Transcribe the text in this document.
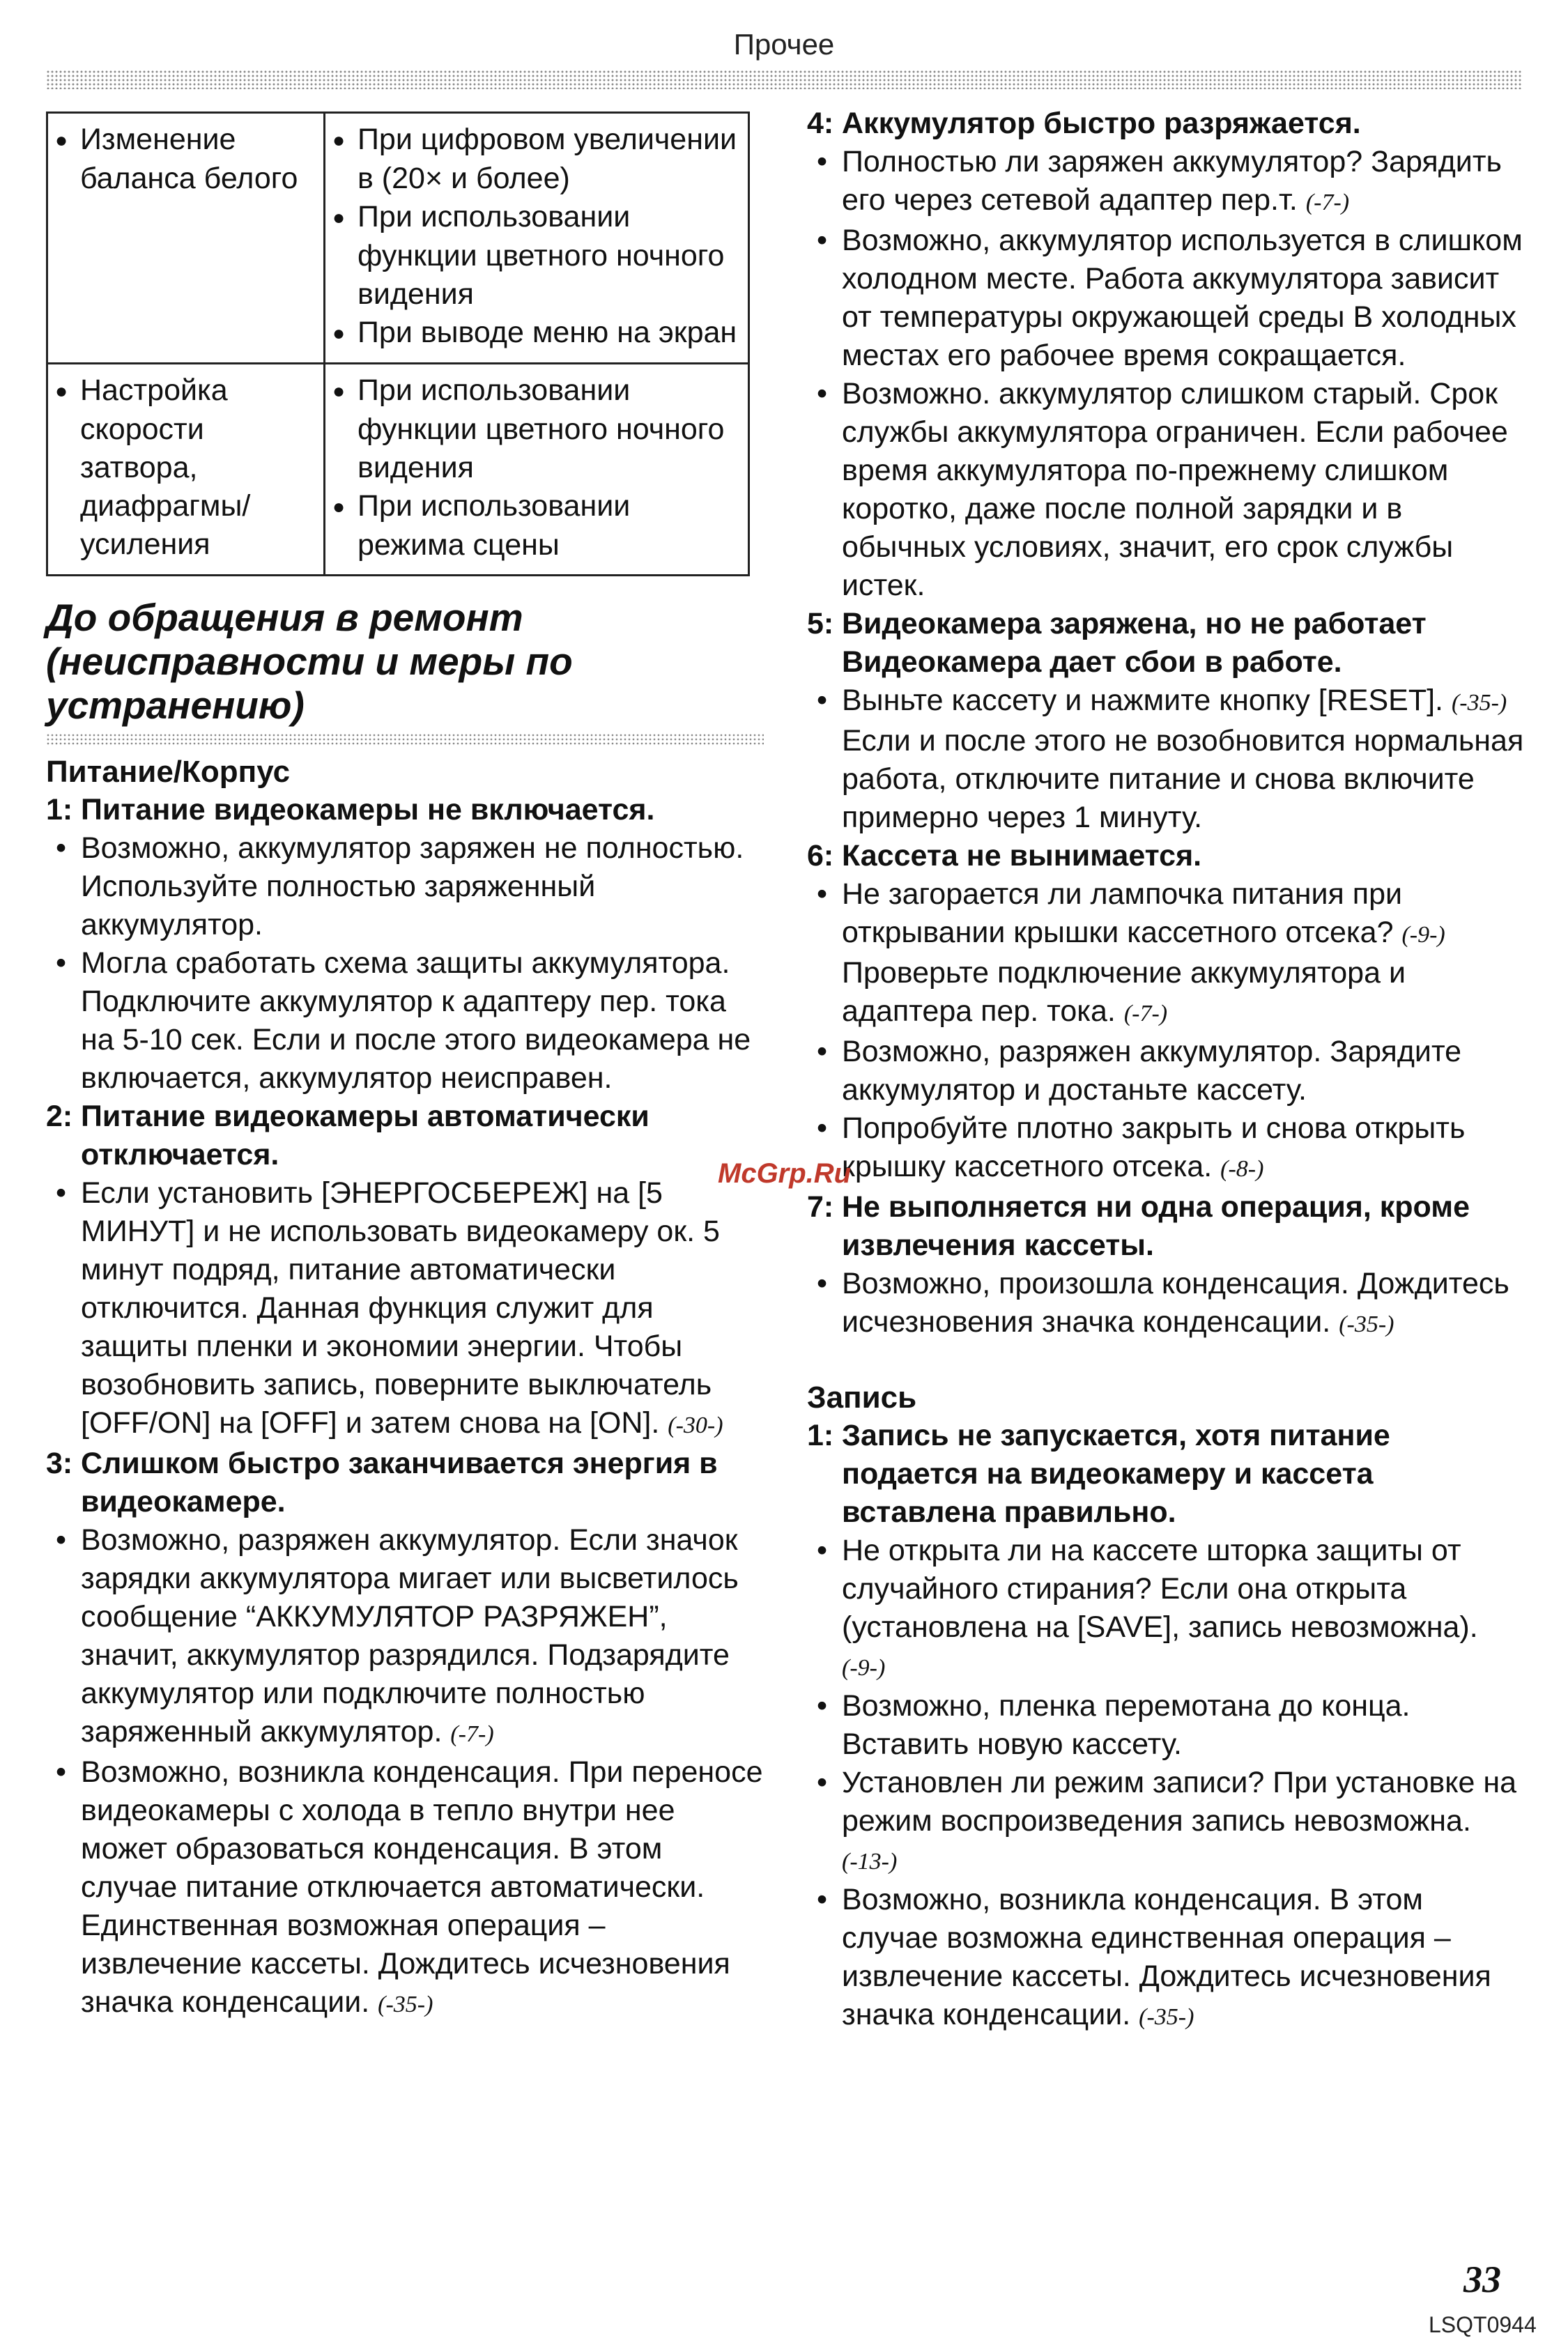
Прочее
● Изменение баланса белого	● При цифровом увеличении в (20× и более)
● При использовании функции цветного ночного видения
● При выводе меню на экран

● Настройка скорости затвора, диафрагмы/ усиления	● При использовании функции цветного ночного видения
● При использовании режима сцены
До обращения в ремонт (неисправности и меры по устранению)
Питание/Корпус
1: Питание видеокамеры не включается.
• Возможно, аккумулятор заряжен не полностью. Используйте полностью заряженный аккумулятор.
• Могла сработать схема защиты аккумулятора. Подключите аккумулятор к адаптеру пер. тока на 5-10 сек. Если и после этого видеокамера не включается, аккумулятор неисправен.
2: Питание видеокамеры автоматически отключается.
• Если установить [ЭНЕРГОСБЕРЕЖ] на [5 МИНУТ] и не использовать видеокамеру ок. 5 минут подряд, питание автоматически отключится. Данная функция служит для защиты пленки и экономии энергии. Чтобы возобновить запись, поверните выключатель [OFF/ON] на [OFF] и затем снова на [ON]. (-30-)
3: Слишком быстро заканчивается энергия в видеокамере.
• Возможно, разряжен аккумулятор. Если значок зарядки аккумулятора мигает или высветилось сообщение “АККУМУЛЯТОР РАЗРЯЖЕН”, значит, аккумулятор разрядился. Подзарядите аккумулятор или подключите полностью заряженный аккумулятор. (-7-)
• Возможно, возникла конденсация. При переносе видеокамеры с холода в тепло внутри нее может образоваться конденсация. В этом случае питание отключается автоматически. Единственная возможная операция – извлечение кассеты. Дождитесь исчезновения значка конденсации. (-35-)
4: Аккумулятор быстро разряжается.
• Полностью ли заряжен аккумулятор? Зарядить его через сетевой адаптер пер.т. (-7-)
• Возможно, аккумулятор используется в слишком холодном месте. Работа аккумулятора зависит от температуры окружающей среды В холодных местах его рабочее время сокращается.
• Возможно. аккумулятор слишком старый. Срок службы аккумулятора ограничен. Если рабочее время аккумулятора по-прежнему слишком коротко, даже после полной зарядки и в обычных условиях, значит, его срок службы истек.
5: Видеокамера заряжена, но не работает Видеокамера дает сбои в работе.
• Выньте кассету и нажмите кнопку [RESET]. (-35-) Если и после этого не возобновится нормальная работа, отключите питание и снова включите примерно через 1 минуту.
6: Кассета не вынимается.
• Не загорается ли лампочка питания при открывании крышки кассетного отсека? (-9-) Проверьте подключение аккумулятора и адаптера пер. тока. (-7-)
• Возможно, разряжен аккумулятор. Зарядите аккумулятор и достаньте кассету.
• Попробуйте плотно закрыть и снова открыть крышку кассетного отсека. (-8-)
7: Не выполняется ни одна операция, кроме извлечения кассеты.
• Возможно, произошла конденсация. Дождитесь исчезновения значка конденсации. (-35-)
Запись
1: Запись не запускается, хотя питание подается на видеокамеру и кассета вставлена правильно.
• Не открыта ли на кассете шторка защиты от случайного стирания? Если она открыта (установлена на [SAVE], запись невозможна). (-9-)
• Возможно, пленка перемотана до конца. Вставить новую кассету.
• Установлен ли режим записи? При установке на режим воспроизведения запись невозможна. (-13-)
• Возможно, возникла конденсация. В этом случае возможна единственная операция – извлечение кассеты. Дождитесь исчезновения значка конденсации. (-35-)
McGrp.Ru
33
LSQT0944
